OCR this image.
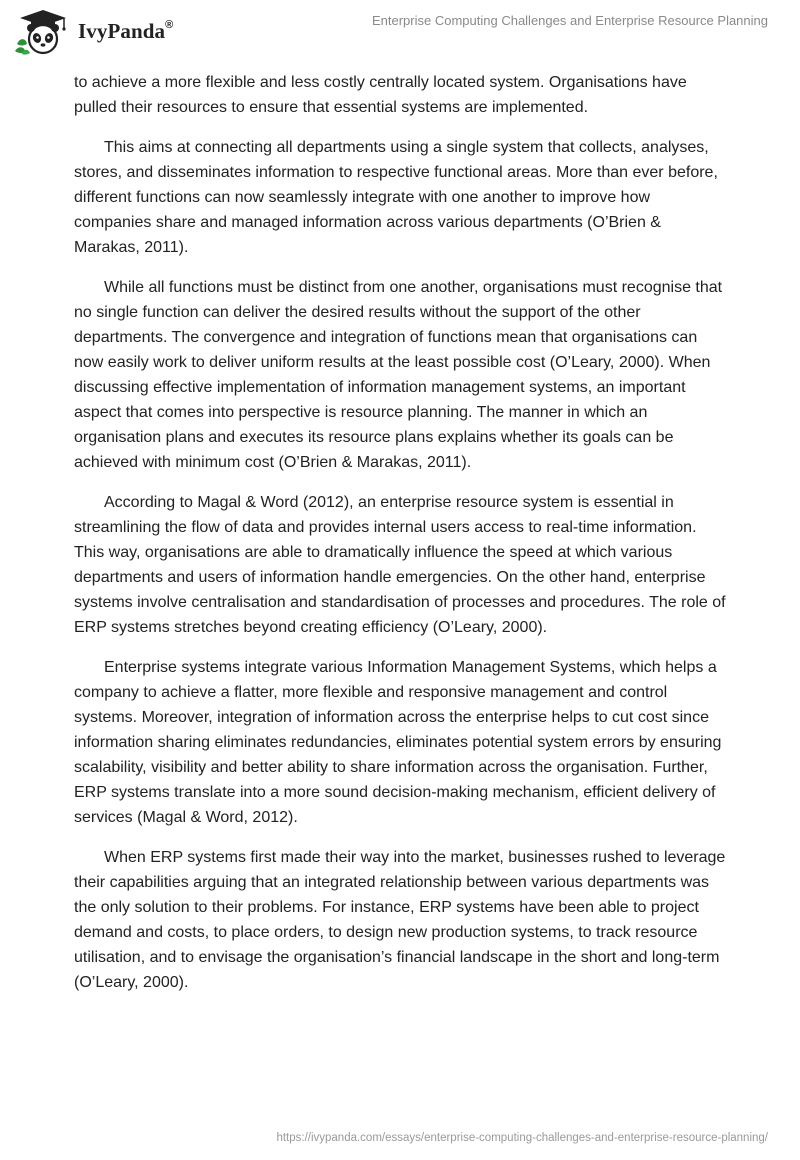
IvyPanda®	Enterprise Computing Challenges and Enterprise Resource Planning

to achieve a more flexible and less costly centrally located system. Organisations have pulled their resources to ensure that essential systems are implemented.

This aims at connecting all departments using a single system that collects, analyses, stores, and disseminates information to respective functional areas. More than ever before, different functions can now seamlessly integrate with one another to improve how companies share and managed information across various departments (O’Brien & Marakas, 2011).

While all functions must be distinct from one another, organisations must recognise that no single function can deliver the desired results without the support of the other departments. The convergence and integration of functions mean that organisations can now easily work to deliver uniform results at the least possible cost (O’Leary, 2000). When discussing effective implementation of information management systems, an important aspect that comes into perspective is resource planning. The manner in which an organisation plans and executes its resource plans explains whether its goals can be achieved with minimum cost (O’Brien & Marakas, 2011).

According to Magal & Word (2012), an enterprise resource system is essential in streamlining the flow of data and provides internal users access to real-time information. This way, organisations are able to dramatically influence the speed at which various departments and users of information handle emergencies. On the other hand, enterprise systems involve centralisation and standardisation of processes and procedures. The role of ERP systems stretches beyond creating efficiency (O’Leary, 2000).

Enterprise systems integrate various Information Management Systems, which helps a company to achieve a flatter, more flexible and responsive management and control systems. Moreover, integration of information across the enterprise helps to cut cost since information sharing eliminates redundancies, eliminates potential system errors by ensuring scalability, visibility and better ability to share information across the organisation. Further, ERP systems translate into a more sound decision-making mechanism, efficient delivery of services (Magal & Word, 2012).

When ERP systems first made their way into the market, businesses rushed to leverage their capabilities arguing that an integrated relationship between various departments was the only solution to their problems. For instance, ERP systems have been able to project demand and costs, to place orders, to design new production systems, to track resource utilisation, and to envisage the organisation’s financial landscape in the short and long-term (O’Leary, 2000).

https://ivypanda.com/essays/enterprise-computing-challenges-and-enterprise-resource-planning/
